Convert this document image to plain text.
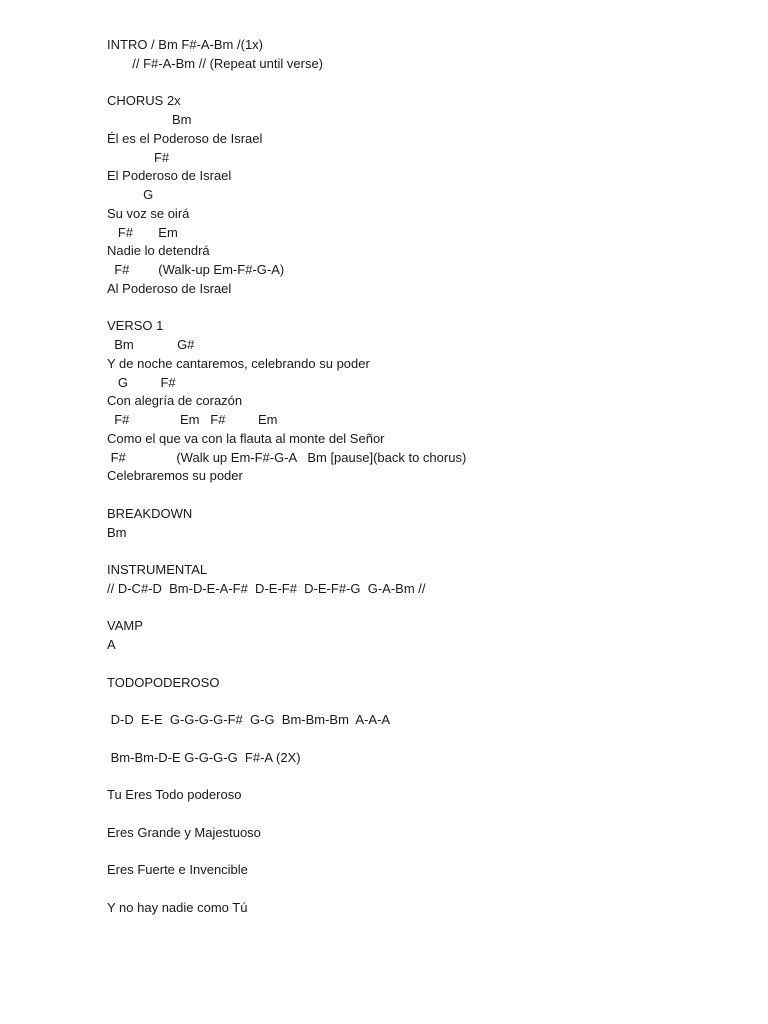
INTRO / Bm F#-A-Bm /(1x)
// F#-A-Bm // (Repeat until verse)
CHORUS 2x
Bm
Él es el Poderoso de Israel
F#
El Poderoso de Israel
G
Su voz se oirá
F#       Em
Nadie lo detendrá
F#        (Walk-up Em-F#-G-A)
Al Poderoso de Israel
VERSO 1
Bm            G#
Y de noche cantaremos, celebrando su poder
G         F#
Con alegría de corazón
F#              Em   F#         Em
Como el que va con la flauta al monte del Señor
F#              (Walk up Em-F#-G-A   Bm [pause](back to chorus)
Celebraremos su poder
BREAKDOWN
Bm
INSTRUMENTAL
// D-C#-D  Bm-D-E-A-F#  D-E-F#  D-E-F#-G  G-A-Bm //
VAMP
A
TODOPODEROSO
D-D  E-E  G-G-G-G-F#  G-G  Bm-Bm-Bm  A-A-A
Bm-Bm-D-E G-G-G-G  F#-A (2X)
Tu Eres Todo poderoso
Eres Grande y Majestuoso
Eres Fuerte e Invencible
Y no hay nadie como Tú
